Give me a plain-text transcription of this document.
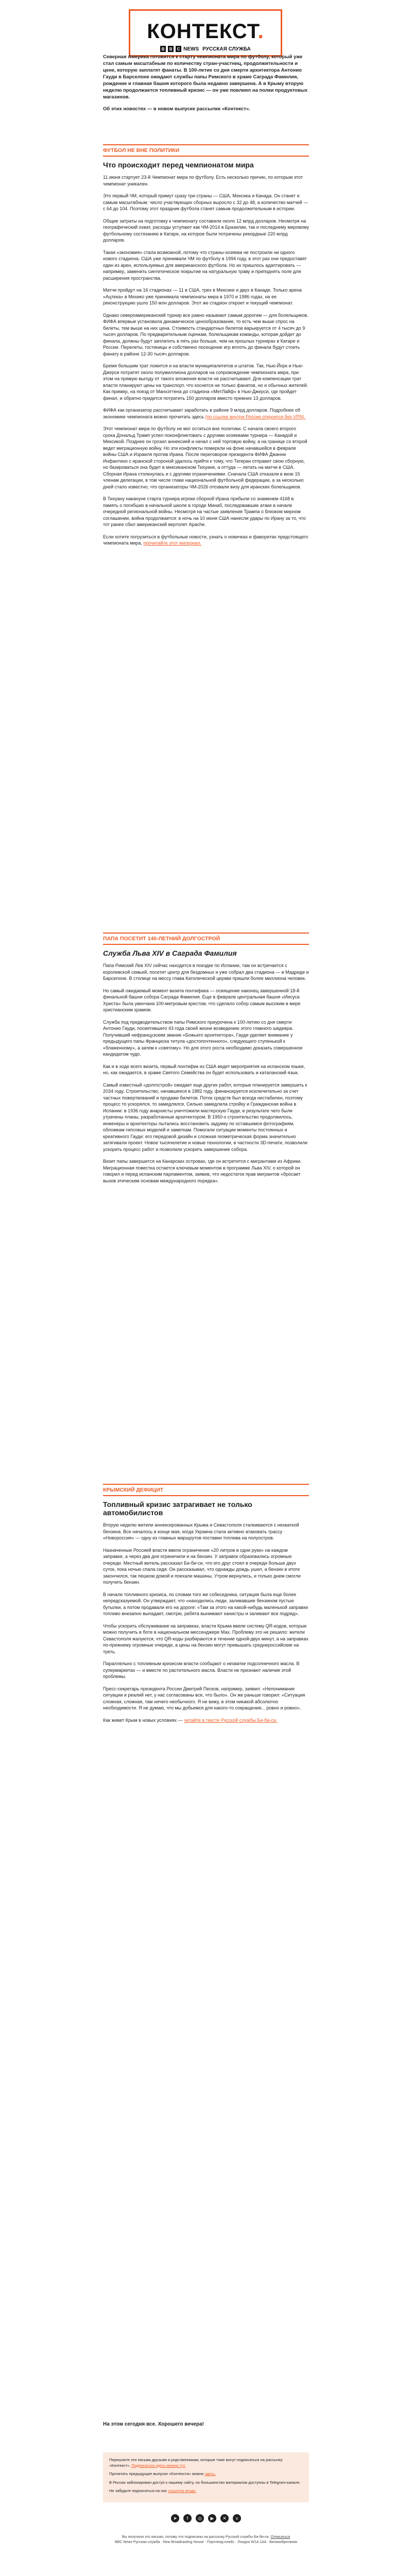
КОНТЕКСТ.
B	B	C NEWS РУССКАЯ СЛУЖБА

Северная Америка готовится к старту чемпионата мира по футболу, который уже стал самым масштабным по количеству стран-участниц, продолжительности и цене, которую заплатят фанаты. В 100-летие со дня смерти архитектора Антонио Гауди в Барселоне ожидают службы папы Римского в храме Саграда Фамилия, рождение и главная башня которого была недавно завершена. А в Крыму вторую неделю продолжается топливный кризис — он уже повлиял на полки продуктовых магазинов.

Об этих новостях — в новом выпуске рассылки «Контекст».

ФУТБОЛ НЕ ВНЕ ПОЛИТИКИ
Что происходит перед чемпионатом мира

11 июня стартует 23-й Чемпионат мира по футболу. Есть несколько причин, по которым этот чемпионат уникален.

Это первый ЧМ, который примут сразу три страны — США, Мексика и Канада. Он станет и самым масштабным: число участвующих сборных выросло с 32 до 48, а количество матчей — с 64 до 104. Поэтому этот праздник футбола станет самым продолжительным в истории.

Общие затраты на подготовку к чемпионату составили около 12 млрд долларов. Несмотря на географический охват, расходы уступают как ЧМ-2014 в Бразилии, так и последнему мировому футбольному состязанию в Катаре, на которое были потрачены рекордные 220 млрд долларов.

Такая «экономия» стала возможной, потому что страны-хозяева не построили ни одного нового стадиона. США уже принимали ЧМ по футболу в 1994 году, в этот раз они предоставят один из арен, используемых для американского футбола. Но их пришлось адаптировать — например, заменить синтетическое покрытие на натуральную траву и приподнять поле для расширения пространства.

Матчи пройдут на 16 стадионах — 11 в США, трех в Мексике и двух в Канаде. Только арена «Ацтека» в Мехико уже принимала чемпионаты мира в 1970 и 1986 годах, на ее реконструкцию ушло 150 млн долларов. Этот же стадион откроет и текущий чемпионат.

Однако североамериканский турнир все равно называют самым дорогим — для болельщиков. ФИФА впервые установила динамическое ценообразование, то есть чем выше спрос на билеты, тем выше на них цена. Стоимость стандартных билетов варьируется от 4 тысяч до 9 тысяч долларов. По предварительным оценкам, болельщикам команды, которая дойдет до финала, должны будут заплатить в пять раз больше, чем на прошлых турнирах в Катаре и России. Перелеты, гостиницы и собственно посещение игр вплоть до финала будут стоить фанату в районе 12-30 тысяч долларов.

Бремя большим трат ложится и на власти муниципалитетов и штатов. Так, Нью-Йорк и Нью-Джерси потратят около полумиллиона долларов на сопровождение чемпионата мира, при этом на прямую выгоду от такого вложения власти не рассчитывают. Для компенсации трат власти планируют цены на транспорт, что коснется не только фанатов, но и обычных жителей. Как пример, на поезд от Манхэттена до стадиона «МетЛайф» в Нью-Джерси, где пройдет финал, и обратно придется потратить 150 долларов вместо прежних 13 долларов.

ФИФА как организатор рассчитывает заработать в районе 9 млрд долларов. Подробнее об экономике чемпионата можно прочитать здесь (по ссылке внутри России откроется без VPN).

Этот чемпионат мира по футболу не мог остаться вне политики. С начала своего второго срока Дональд Трамп успел поконфликтовать с другими хозяевами турнира — Канадой и Мексикой. Позднее он грозил аннексией и начал с ней торговую войну, а на границе со второй ведет миграционную войну. Но эти конфликты померкли на фоне начавшейся в феврале войны США и Израиля против Ирана. После переговоров президента ФИФА Джанни Инфантино с иранской стороной удалось прийти к тому, что Тегеран отправит свою сборную, но базироваться она будет в мексиканском Тихуане, а оттуда — летать на матчи в США. Сборная Ирана столкнулась и с другими ограничениями. Сначала США отказали в визе 15 членам делегации, в том числе главе национальной футбольной федерации, а за несколько дней стало известно, что организаторы ЧМ-2026 отозвали визу для иранских болельщиков.

В Тихуану накануне старта турнира игроки сборной Ирана прибыли со знаменем 4168 в память о погибших в начальной школе в городе Минаб, последовавшие атаке в начале очередной региональной войны. Несмотря на частые заявления Трампа о близком мирном соглашении, война продолжается: в ночь на 10 июня США нанесли удары по Ирану за то, что тот ранее сбил американский вертолет Apache.

Если хотите погрузиться в футбольные новости, узнать о новичках и фаворитах предстоящего чемпионата мира, прочитайте этот материал.

ПАПА ПОСЕТИТ 140-ЛЕТНИЙ ДОЛГОСТРОЙ
Служба Льва XIV в Саграда Фамилия

Папа Римский Лев XIV сейчас находится в поездке по Испании, там он встречается с королевской семьей, посетит центр для бездомных и уже собрал два стадиона — в Мадриде и Барселоне. В столице на мессу глава Католической церкви пришли более миллиона человек.

Но самый ожидаемый момент визита понтифика — освящение наконец завершенной 18-й финальной башни собора Саграда Фамилия. Еще в феврале центральная башня «Иисуса Христа» была увенчана 100-метровым крестом, что сделало собор самым высоким в мире христианским храмом.

Служба под предводительством папы Римского приурочена к 100-летию со дня смерти Антонио Гауди, посвятившего 43 года своей жизни возведению этого главного шедевра. Получивший нефранцузским звание «Божьего архитектора», Гауди уделяет внимание у предыдущего папы Франциска титула «достопочтенного», следующего ступенькой к «блаженному», а затем к «святому». Но для этого роста необходимо доказать совершенное кандидатом чудо.

Как и в ходе всего визита, первый понтифик из США ведет мероприятия на испанском языке, но, как ожидается, в храме Святого Семейства он будет использовать и каталанский язык.

Самый известный «долгострой» ожидает еще других работ, которые планируется завершить к 2034 году. Строительство, начавшееся в 1882 году, финансируется исключительно за счет частных пожертвований и продажи билетов. Поток средств был всегда нестабилен, поэтому процесс то ускорялся, то замедлялся. Сильно замедлила стройку и Гражданская война в Испании: в 1936 году анархисты уничтожили мастерскую Гауди, в результате чего были утрачены планы, разработанные архитектором. В 1950-х строительство продолжилось, инженеры и архитекторы пытались восстановить задумку по оставшимся фотографиям, обломкам гипсовых моделей и заметкам. Помогали ситуации моменты постоянных и креативного Гауди: его передовой дизайн и сложная геометрическая форма значительно затягивали проект. Новое тысячелетие и новые технологии, в частности 3D-печати, позволили ускорить процесс работ и позволили ускорить завершение собора.

Визит папы завершится на Канарских островах, где он встретится с мигрантами из Африки. Миграционная повестка остается ключевым моментом в программе Льва XIV, о которой он говорил и перед испанским парламентом, заявив, что недостаток прав мигрантов «бросает вызов этическим основам международного порядка».

КРЫМСКИЙ ДЕФИЦИТ
Топливный кризис затрагивает не только автомобилистов

Вторую неделю жители аннексированных Крыма и Севастополя сталкиваются с нехваткой бензина. Все началось в конце мая, когда Украина стала активно атаковать трассу «Новороссия» — одну из главных маршрутов поставки топлива на полуостров.

Назначенные Россией власти ввели ограничение «20 литров в одни руки» на каждом заправке, а через два дня ограничили и на бензин. У заправок образовались огромные очереди. Местный житель рассказал Би-би-си, что его друг стоял в очереди больше двух суток, пока ночью спала сидя. Он рассказывал, что однажды дождь ушел, а бензин в итоге закончился, так пешком домой и поехали машины. Утром вернулись, и только днем смогли получить бензин.

В начале топливного кризиса, по словам того же собеседника, ситуация была еще более непредсказуемой. Он утверждает, что «находились люди, заливавшие бензином пустые бутылки, а потом продавали его на дороге: «Там за этого на какой-нибудь маленькой заправке топливо внезапно выпадает, смотрю, ребята вынимают канистры и заливают все подряд».

Чтобы ускорить обслуживание на заправках, власти Крыма ввели систему QR-кодов, которые можно получить в боте в национальном мессенджере Мах. Проблему это не решило: жители Севастополя жалуются, что QR-коды разбираются в течение одной-двух минут, а на заправках по-прежнему огромные очереди, а цены на бензин могут превышать среднероссийские на треть.

Параллельно с топливным кризисом власти сообщают о нехватке подсолнечного масла. В супермаркетах — и вместе по растительного масла. Власти не признают наличие этой проблемы.

Пресс-секретарь президента России Дмитрий Песков, например, заявил: «Непонимание ситуации и реалий нет, у нас согласованы все, что было». Он же раньше говорил: «Ситуация сложная, сложная, там ничего необычного. Я не вижу, в этом никакой абсолютно необходимости. Я не думаю, что мы добьемся для какого-то сокращения... ровно и ровно».

Как живет Крым в новых условиях — читайте в тексте Русской службы Би-би-си.

На этом сегодня все. Хорошего вечера!

Перешлите эти письма друзьям и родственникам, которые тоже могут подписаться на рассылку «Контекст». Подписаться здесь можно тут.

Прочитать предыдущие выпуски «Контекста» можно здесь.

В России заблокирован доступ к нашему сайту, но большинство материалов доступны в Telegram-канале.

Не забудьте подписаться на нас соцсетях везде.

➤	f	◎	▶	✕	v
Вы получили это письмо, потому что подписаны на рассылку Русской службы Би-би-си. Отписаться
BBC News Русская служба · New Broadcasting House · Портленд-плейс · Лондон W1A 1AA · Великобритания
